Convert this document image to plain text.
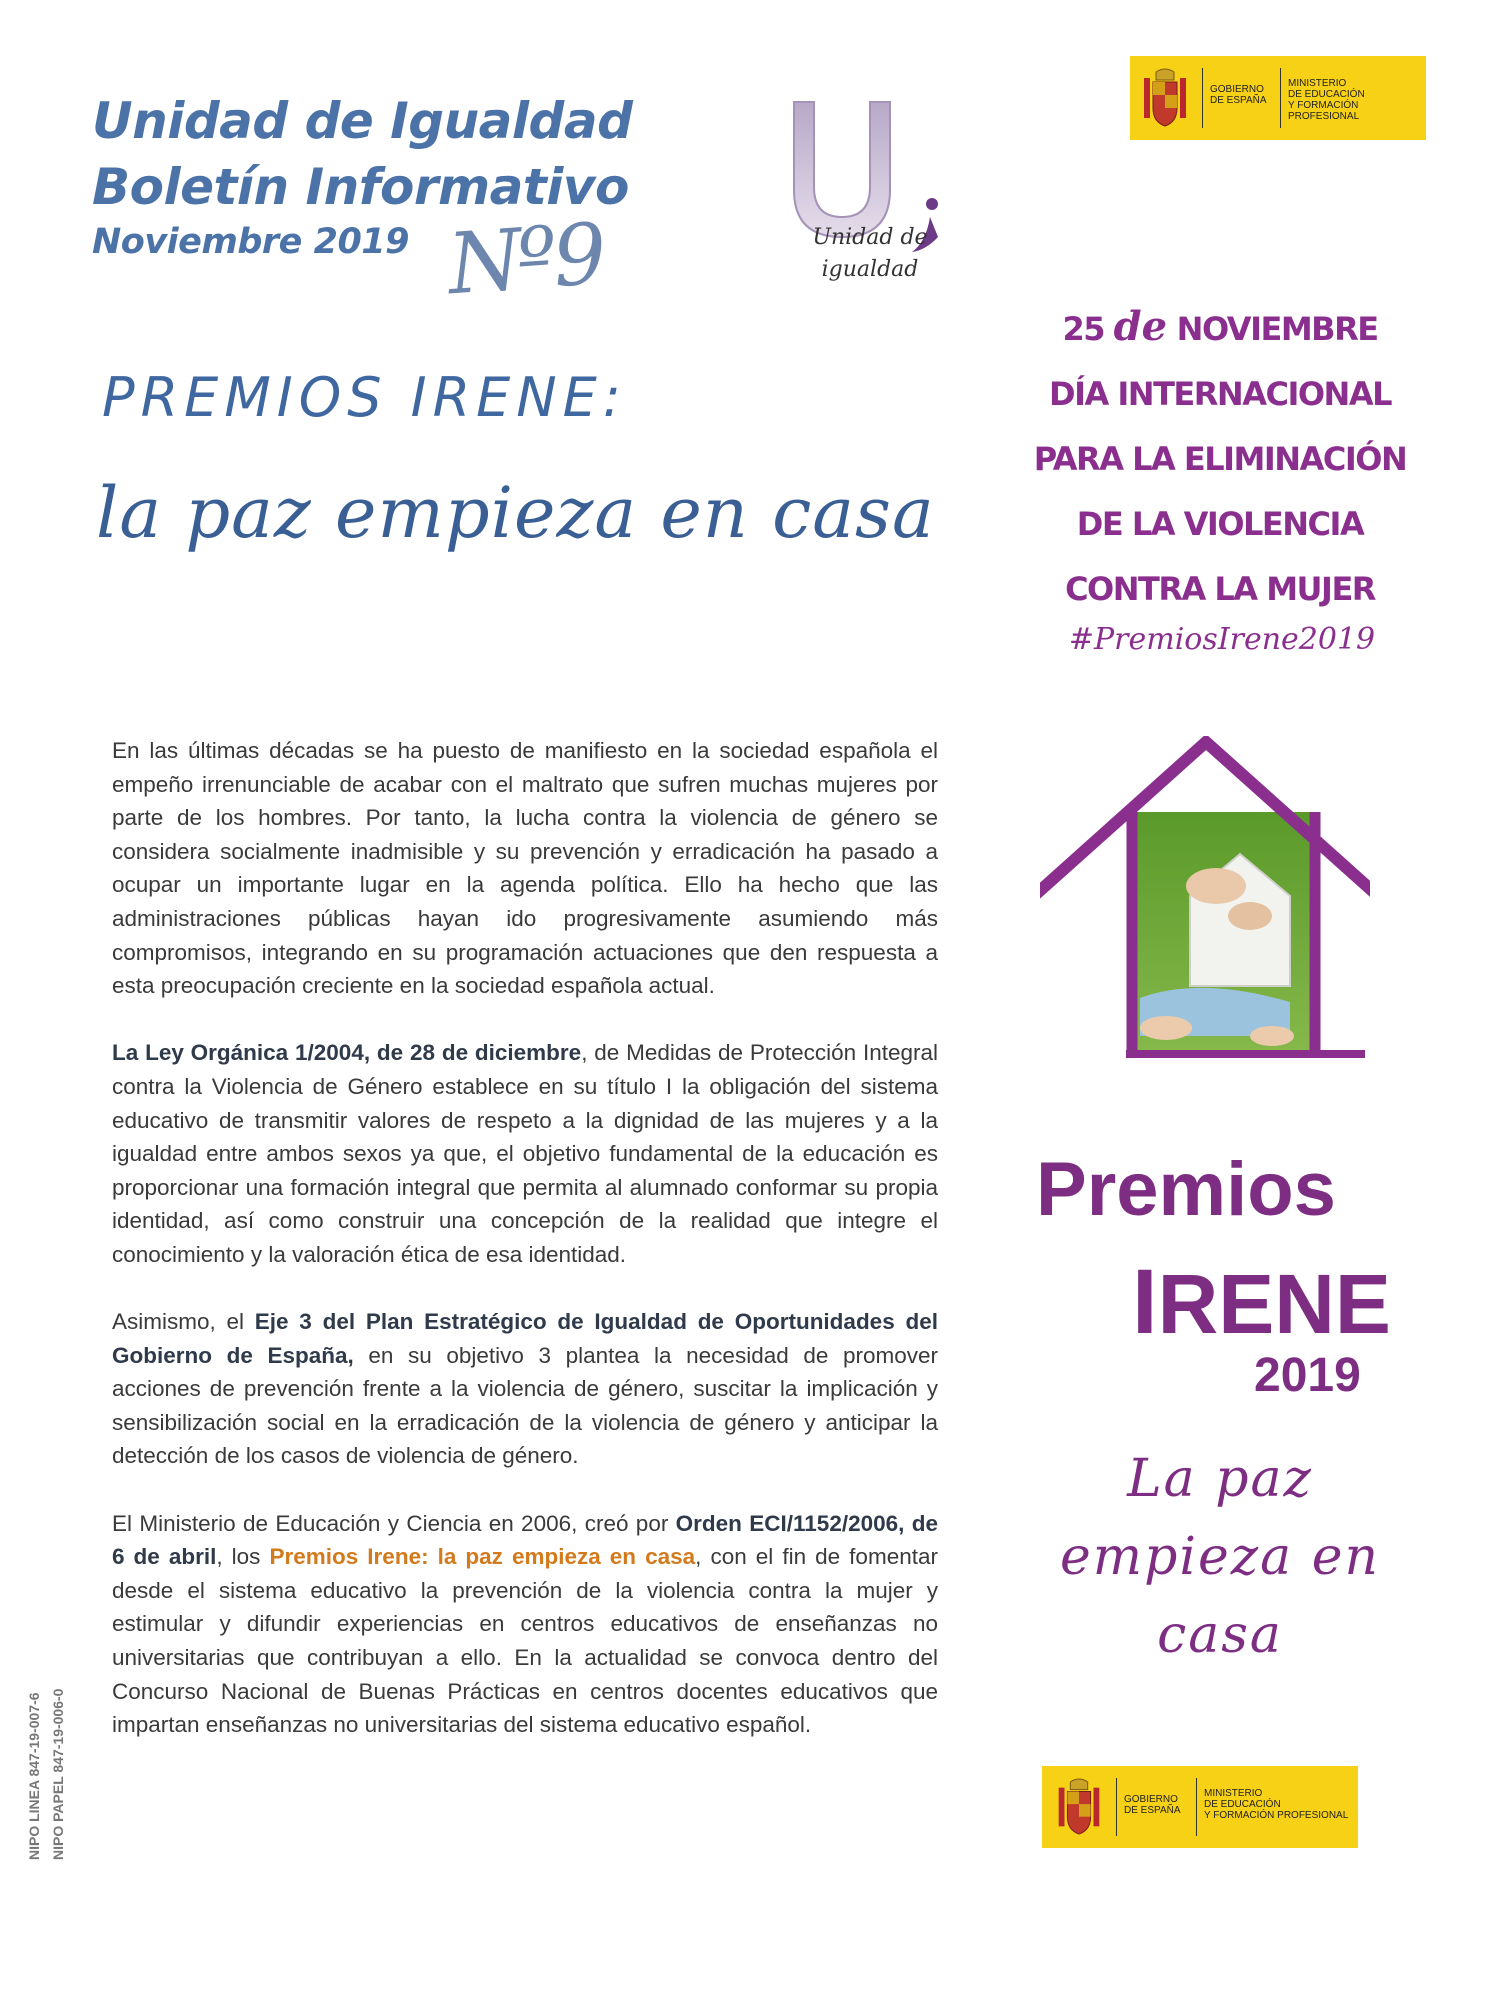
Unidad de Igualdad
Boletín Informativo
Noviembre 2019 Nº9	Unidad de
igualdad
GOBIERNO
DE ESPAÑA
MINISTERIO
DE EDUCACIÓN
Y FORMACIÓN PROFESIONAL
PREMIOS IRENE:
la paz empieza en casa
25 de NOVIEMBRE
DÍA INTERNACIONAL
PARA LA ELIMINACIÓN
DE LA VIOLENCIA
CONTRA LA MUJER
#PremiosIrene2019

En las últimas décadas se ha puesto de manifiesto en la sociedad española el empeño irrenunciable de acabar con el maltrato que sufren muchas mujeres por parte de los hombres. Por tanto, la lucha contra la violencia de género se considera socialmente inadmisible y su prevención y erradicación ha pasado a ocupar un importante lugar en la agenda política. Ello ha hecho que las administraciones públicas hayan ido progresivamente asumiendo más compromisos, integrando en su programación actuaciones que den respuesta a esta preocupación creciente en la sociedad española actual.

La Ley Orgánica 1/2004, de 28 de diciembre, de Medidas de Protección Integral contra la Violencia de Género establece en su título I la obligación del sistema educativo de transmitir valores de respeto a la dignidad de las mujeres y a la igualdad entre ambos sexos ya que, el objetivo fundamental de la educación es proporcionar una formación integral que permita al alumnado conformar su propia identidad, así como construir una concepción de la realidad que integre el conocimiento y la valoración ética de esa identidad.

Asimismo, el Eje 3 del Plan Estratégico de Igualdad de Oportunidades del Gobierno de España, en su objetivo 3 plantea la necesidad de promover acciones de prevención frente a la violencia de género, suscitar la implicación y sensibilización social en la erradicación de la violencia de género y anticipar la detección de los casos de violencia de género.

El Ministerio de Educación y Ciencia en 2006, creó por Orden ECI/1152/2006, de 6 de abril, los Premios Irene: la paz empieza en casa, con el fin de fomentar desde el sistema educativo la prevención de la violencia contra la mujer y estimular y difundir experiencias en centros educativos de enseñanzas no universitarias que contribuyan a ello. En la actualidad se convoca dentro del Concurso Nacional de Buenas Prácticas en centros docentes educativos que impartan enseñanzas no universitarias del sistema educativo español.

Premios
IRENE
2019
La paz
empieza en
casa
GOBIERNO
DE ESPAÑA
MINISTERIO
DE EDUCACIÓN
Y FORMACIÓN PROFESIONAL
NIPO LINEA 847-19-007-6 NIPO PAPEL 847-19-006-0
